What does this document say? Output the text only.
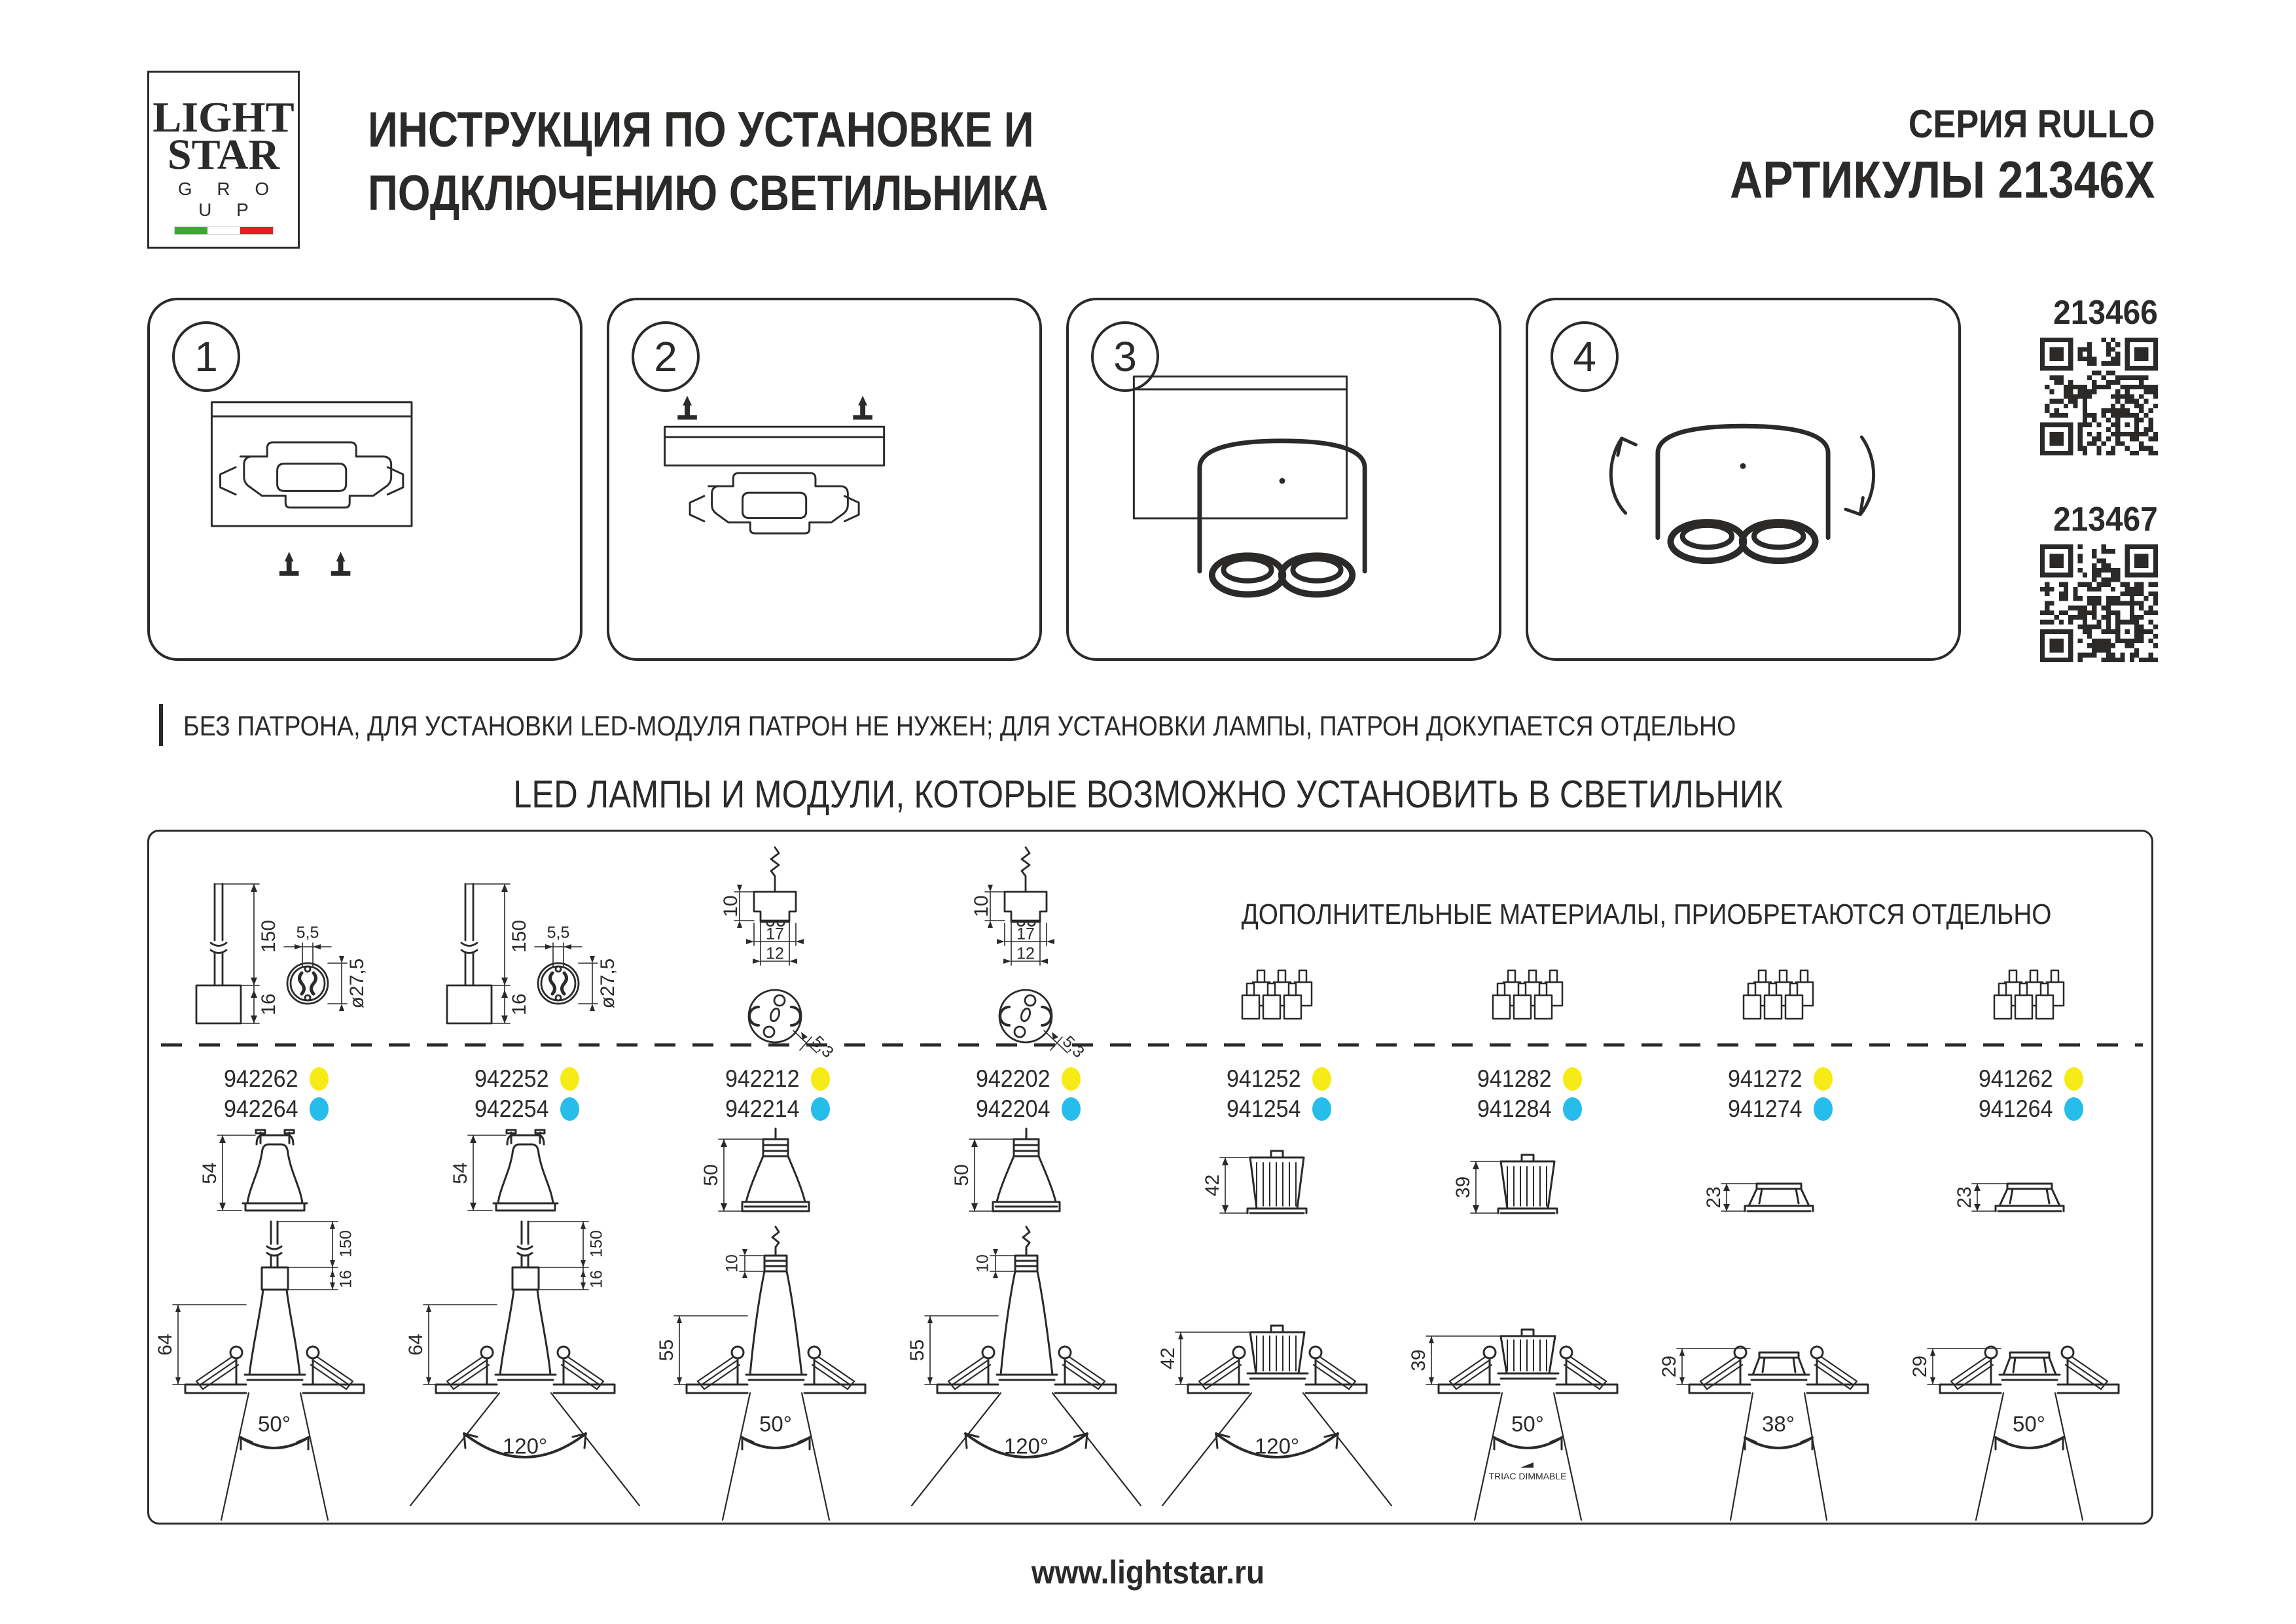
LIGHT
STAR
G R O U P
ИНСТРУКЦИЯ ПО УСТАНОВКЕ И
ПОДКЛЮЧЕНИЮ СВЕТИЛЬНИКА
СЕРИЯ RULLO
АРТИКУЛЫ 21346X
1	2	3	4
213466
213467
БЕЗ ПАТРОНА, ДЛЯ УСТАНОВКИ LED-МОДУЛЯ ПАТРОН НЕ НУЖЕН; ДЛЯ УСТАНОВКИ ЛАМПЫ, ПАТРОН ДОКУПАЕТСЯ ОТДЕЛЬНО
LED ЛАМПЫ И МОДУЛИ, КОТОРЫЕ ВОЗМОЖНО УСТАНОВИТЬ В СВЕТИЛЬНИК
ДОПОЛНИТЕЛЬНЫЕ МАТЕРИАЛЫ, ПРИОБРЕТАЮТСЯ ОТДЕЛЬНО
150
16
5,5
ø27,5
942262
942264
54
150
16
64
50°
150
16
5,5
ø27,5
942252
942254
54
150
16
64
120°
10
17
12
5,3
942212
942214
50
10
55
50°
10
17
12
5,3
942202
942204
50
10
55
120°
941252
941254
42
42
120°
941282
941284
39
39
50°
TRIAC DIMMABLE
941272
941274
23
29
38°
941262
941264
23
29
50°
www.lightstar.ru
